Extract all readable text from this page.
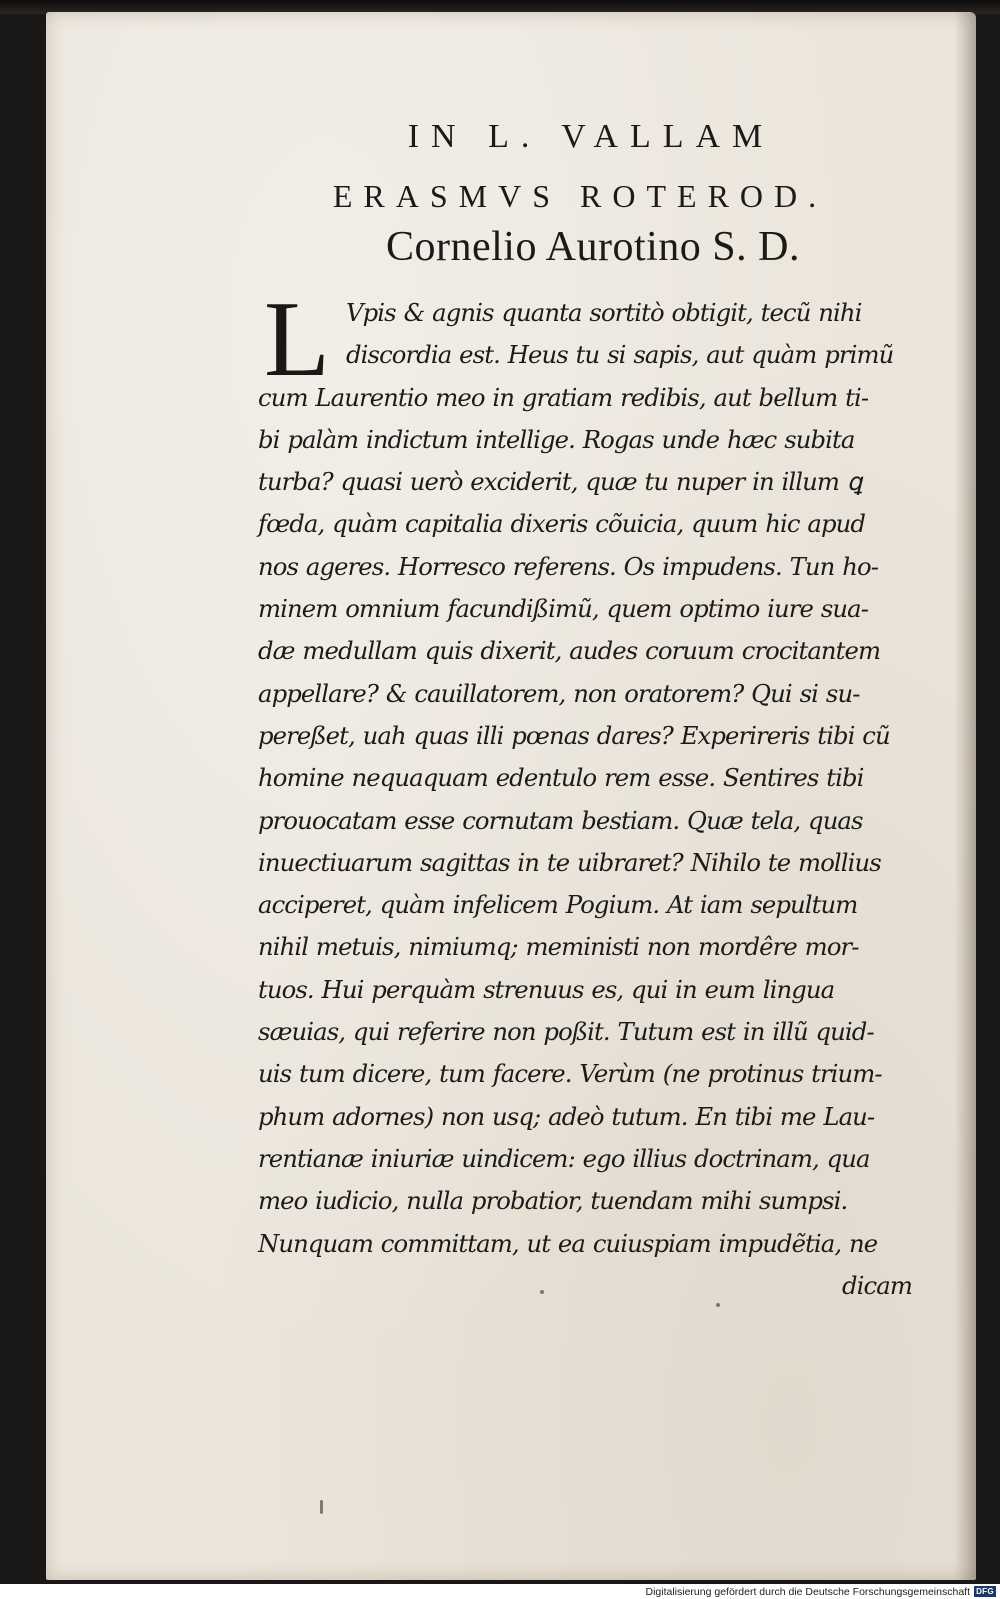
IN L. VALLAM
ERASMVS ROTEROD.
Cornelio Aurotino S. D.
L Vpis & agnis quanta sortitò obtigit, tecũ nihi
discordia est. Heus tu si sapis, aut quàm primũ
cum Laurentio meo in gratiam redibis, aut bellum ti-
bi palàm indictum intellige. Rogas unde hæc subita
turba? quasi uerò exciderit, quæ tu nuper in illum ꝗ
fœda, quàm capitalia dixeris cõuicia, quum hic apud
nos ageres. Horresco referens. Os impudens. Tun ho-
minem omnium facundißimũ, quem optimo iure sua-
dæ medullam quis dixerit, audes coruum crocitantem
appellare? & cauillatorem, non oratorem? Qui si su-
pereßet, uah quas illi pœnas dares? Experireris tibi cũ
homine nequaquam edentulo rem esse. Sentires tibi
prouocatam esse cornutam bestiam. Quæ tela, quas
inuectiuarum sagittas in te uibraret? Nihilo te mollius
acciperet, quàm infelicem Pogium. At iam sepultum
nihil metuis, nimiumq; meministi non mordêre mor-
tuos. Hui perquàm strenuus es, qui in eum lingua
sæuias, qui referire non poßit. Tutum est in illũ quid-
uis tum dicere, tum facere. Verùm (ne protinus trium-
phum adornes) non usq; adeò tutum. En tibi me Lau-
rentianæ iniuriæ uindicem: ego illius doctrinam, qua
meo iudicio, nulla probatior, tuendam mihi sumpsi.
Nunquam committam, ut ea cuiuspiam impudẽtia, ne
dicam
Digitalisierung gefördert durch die Deutsche Forschungsgemeinschaft DFG
